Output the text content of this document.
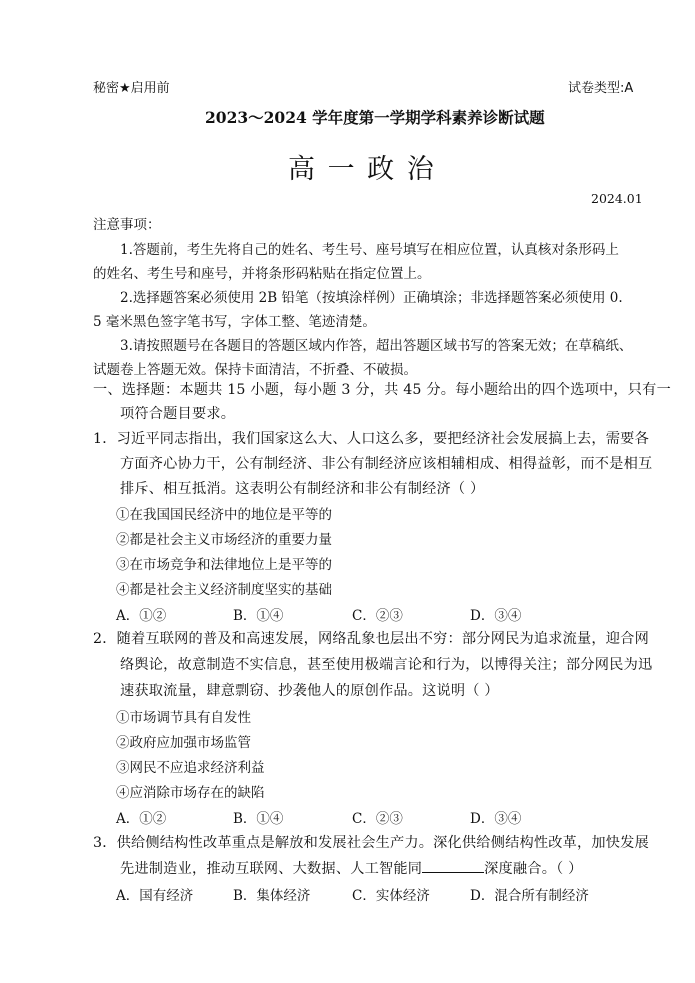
秘密★启用前	试卷类型:A
2023～2024 学年度第一学期学科素养诊断试题
高 一 政 治
2024.01
注意事项：
1.答题前，考生先将自己的姓名、考生号、座号填写在相应位置，认真核对条形码上
的姓名、考生号和座号，并将条形码粘贴在指定位置上。
2.选择题答案必须使用 2B 铅笔（按填涂样例）正确填涂；非选择题答案必须使用 0.
5 毫米黑色签字笔书写，字体工整、笔迹清楚。
3.请按照题号在各题目的答题区域内作答，超出答题区域书写的答案无效；在草稿纸、
试题卷上答题无效。保持卡面清洁，不折叠、不破损。
一、选择题：本题共 15 小题，每小题 3 分，共 45 分。每小题给出的四个选项中，只有一
项符合题目要求。
1．习近平同志指出，我们国家这么大、人口这么多，要把经济社会发展搞上去，需要各
方面齐心协力干，公有制经济、非公有制经济应该相辅相成、相得益彰，而不是相互
排斥、相互抵消。这表明公有制经济和非公有制经济（ ）
①在我国国民经济中的地位是平等的
②都是社会主义市场经济的重要力量
③在市场竞争和法律地位上是平等的
④都是社会主义经济制度坚实的基础
A．①②	B．①④	C．②③	D．③④
2．随着互联网的普及和高速发展，网络乱象也层出不穷：部分网民为追求流量，迎合网
络舆论，故意制造不实信息，甚至使用极端言论和行为，以博得关注；部分网民为迅
速获取流量，肆意剽窃、抄袭他人的原创作品。这说明（ ）
①市场调节具有自发性
②政府应加强市场监管
③网民不应追求经济利益
④应消除市场存在的缺陷
A．①②	B．①④	C．②③	D．③④
3．供给侧结构性改革重点是解放和发展社会生产力。深化供给侧结构性改革，加快发展
先进制造业，推动互联网、大数据、人工智能同	深度融合。（ ）
A．国有经济	B．集体经济	C．实体经济	D．混合所有制经济
